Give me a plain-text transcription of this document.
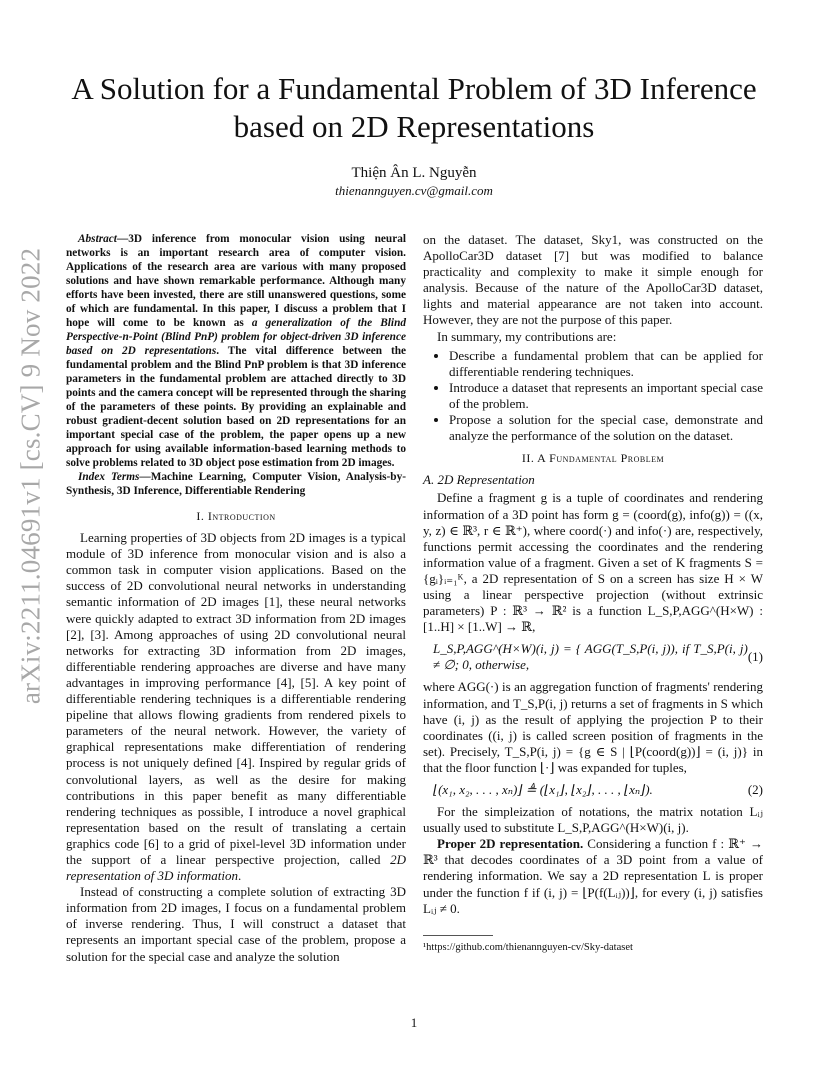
arXiv:2211.04691v1 [cs.CV] 9 Nov 2022
A Solution for a Fundamental Problem of 3D Inference based on 2D Representations
Thiện Ân L. Nguyễn
thienannguyen.cv@gmail.com

Abstract—3D inference from monocular vision using neural networks is an important research area of computer vision. Applications of the research area are various with many proposed solutions and have shown remarkable performance. Although many efforts have been invested, there are still unanswered questions, some of which are fundamental. In this paper, I discuss a problem that I hope will come to be known as a generalization of the Blind Perspective-n-Point (Blind PnP) problem for object-driven 3D inference based on 2D representations. The vital difference between the fundamental problem and the Blind PnP problem is that 3D inference parameters in the fundamental problem are attached directly to 3D points and the camera concept will be represented through the sharing of the parameters of these points. By providing an explainable and robust gradient-decent solution based on 2D representations for an important special case of the problem, the paper opens up a new approach for using available information-based learning methods to solve problems related to 3D object pose estimation from 2D images.

Index Terms—Machine Learning, Computer Vision, Analysis-by-Synthesis, 3D Inference, Differentiable Rendering

I. Introduction

Learning properties of 3D objects from 2D images is a typical module of 3D inference from monocular vision and is also a common task in computer vision applications. Based on the success of 2D convolutional neural networks in understanding semantic information of 2D images [1], these neural networks were quickly adapted to extract 3D information from 2D images [2], [3]. Among approaches of using 2D convolutional neural networks for extracting 3D information from 2D images, differentiable rendering approaches are diverse and have many advantages in improving performance [4], [5]. A key point of differentiable rendering techniques is a differentiable rendering pipeline that allows flowing gradients from rendered pixels to parameters of the neural network. However, the variety of graphical representations make differentiation of rendering process is not uniquely defined [4]. Inspired by regular grids of convolutional layers, as well as the desire for making contributions in this paper benefit as many differentiable rendering techniques as possible, I introduce a novel graphical representation based on the result of translating a certain graphics code [6] to a grid of pixel-level 3D information under the support of a linear perspective projection, called 2D representation of 3D information.

Instead of constructing a complete solution of extracting 3D information from 2D images, I focus on a fundamental problem of inverse rendering. Thus, I will construct a dataset that represents an important special case of the problem, propose a solution for the special case and analyze the solution

on the dataset. The dataset, Sky1, was constructed on the ApolloCar3D dataset [7] but was modified to balance practicality and complexity to make it simple enough for analysis. Because of the nature of the ApolloCar3D dataset, lights and material appearance are not taken into account. However, they are not the purpose of this paper.

In summary, my contributions are:

• Describe a fundamental problem that can be applied for differentiable rendering techniques.
• Introduce a dataset that represents an important special case of the problem.
• Propose a solution for the special case, demonstrate and analyze the performance of the solution on the dataset.
II. A Fundamental Problem
A. 2D Representation

Define a fragment g is a tuple of coordinates and rendering information of a 3D point has form g = (coord(g), info(g)) = ((x, y, z) ∈ ℝ³, r ∈ ℝ⁺), where coord(·) and info(·) are, respectively, functions permit accessing the coordinates and the rendering information value of a fragment. Given a set of K fragments S = {gᵢ}ᵢ₌₁ᴷ, a 2D representation of S on a screen has size H × W using a linear perspective projection (without extrinsic parameters) P : ℝ³ → ℝ² is a function L_S,P,AGG^(H×W) : [1..H] × [1..W] → ℝ,

L_S,P,AGG^(H×W)(i, j) = { AGG(T_S,P(i, j)), if T_S,P(i, j) ≠ ∅; 0, otherwise,
(1)

where AGG(·) is an aggregation function of fragments' rendering information, and T_S,P(i, j) returns a set of fragments in S which have (i, j) as the result of applying the projection P to their coordinates ((i, j) is called screen position of fragments in the set). Precisely, T_S,P(i, j) = {g ∈ S | ⌊P(coord(g))⌋ = (i, j)} in that the floor function ⌊·⌋ was expanded for tuples,

⌊(x₁, x₂, . . . , xₙ)⌋ ≜ (⌊x₁⌋, ⌊x₂⌋, . . . , ⌊xₙ⌋).	(2)

For the simpleization of notations, the matrix notation Lᵢⱼ usually used to substitute L_S,P,AGG^(H×W)(i, j).

Proper 2D representation. Considering a function f : ℝ⁺ → ℝ³ that decodes coordinates of a 3D point from a value of rendering information. We say a 2D representation L is proper under the function f if (i, j) = ⌊P(f(Lᵢⱼ))⌋, for every (i, j) satisfies Lᵢⱼ ≠ 0.

¹https://github.com/thienannguyen-cv/Sky-dataset
1
